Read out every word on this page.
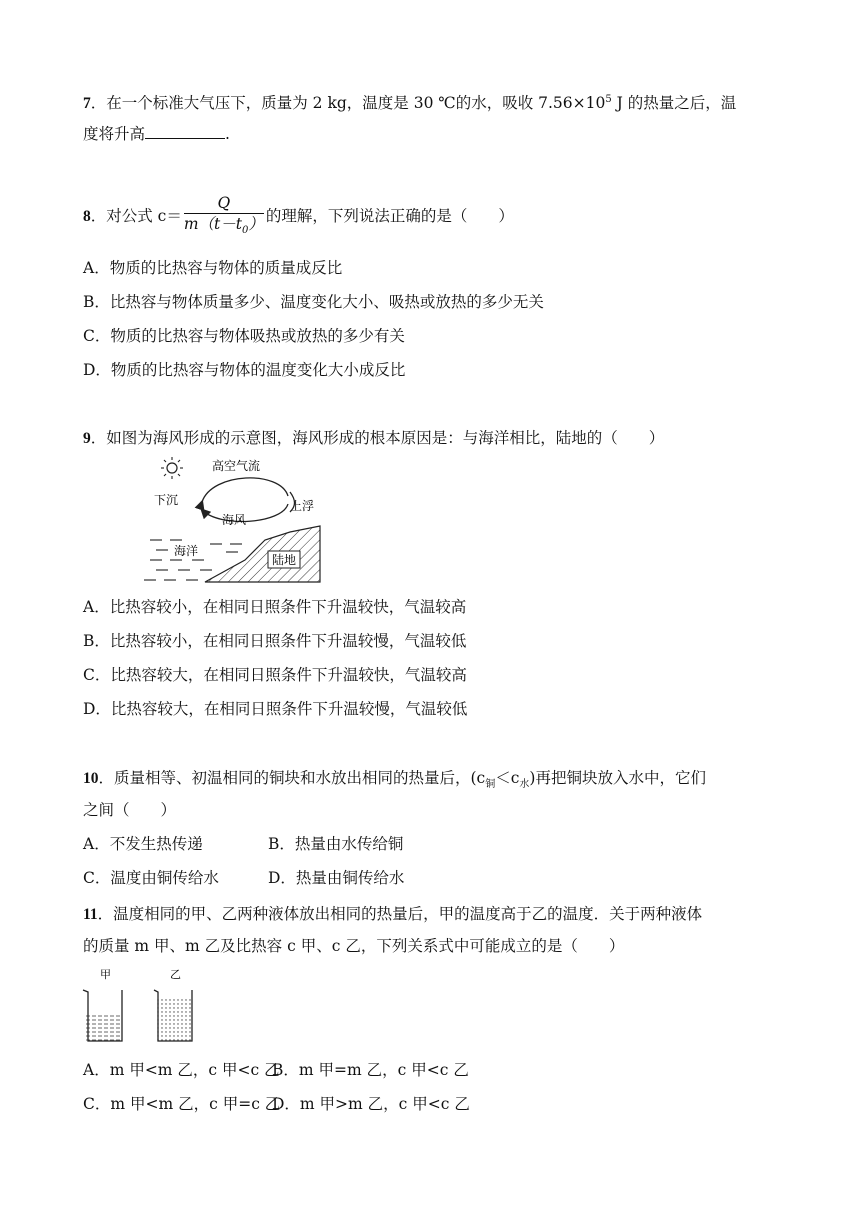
7．在一个标准大气压下，质量为 2 kg，温度是 30 ℃的水，吸收 $7.56\times 10^5$ J 的热量之后，温
度将升高	.
8．对公式 $c= \frac{Q}{m(t-t_0)}$ 的理解，下列说法正确的是（　　）
A．物质的比热容与物体的质量成反比
B．比热容与物体质量多少、温度变化大小、吸热或放热的多少无关
C．物质的比热容与物体吸热或放热的多少有关
D．物质的比热容与物体的温度变化大小成反比
9．如图为海风形成的示意图，海风形成的根本原因是：与海洋相比，陆地的（　　）
高空气流
下沉	上浮
海风
海洋
陆地
A．比热容较小，在相同日照条件下升温较快，气温较高
B．比热容较小，在相同日照条件下升温较慢，气温较低
C．比热容较大，在相同日照条件下升温较快，气温较高
D．比热容较大，在相同日照条件下升温较慢，气温较低
10．质量相等、初温相同的铜块和水放出相同的热量后，$(c_铜<c_水)$再把铜块放入水中，它们
之间（　　）
A．不发生热传递	B．热量由水传给铜
C．温度由铜传给水	D．热量由铜传给水
11．温度相同的甲、乙两种液体放出相同的热量后，甲的温度高于乙的温度．关于两种液体
的质量 m 甲、m 乙及比热容 c 甲、c 乙，下列关系式中可能成立的是（　　）
甲	乙
A．m 甲<m 乙，c 甲<c 乙
B．m 甲=m 乙，c 甲<c 乙
C．m 甲<m 乙，c 甲=c 乙
D．m 甲>m 乙，c 甲<c 乙
